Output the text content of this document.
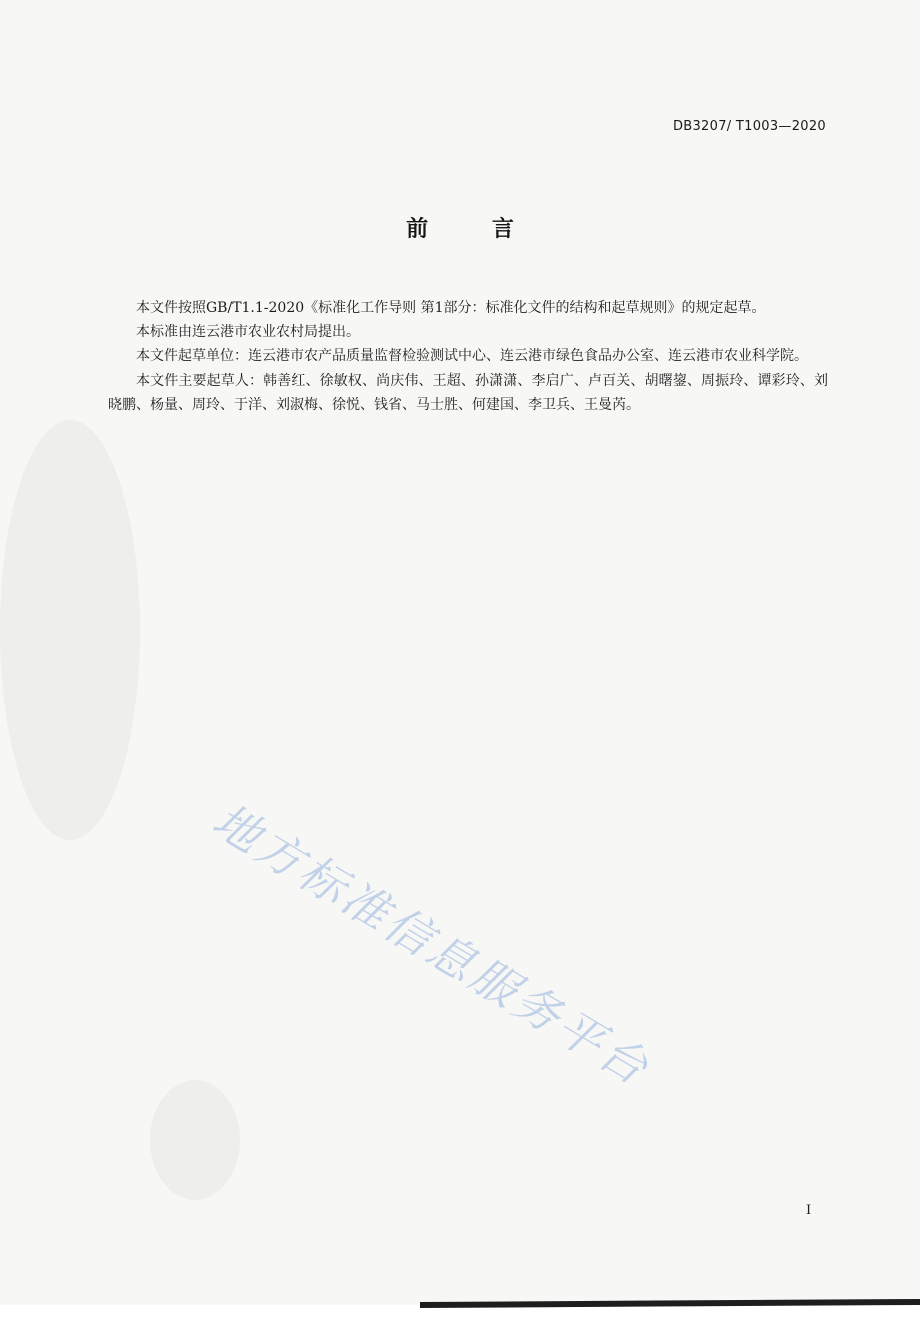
DB3207/ T1003—2020
前 言

本文件按照GB/T1.1-2020《标准化工作导则 第1部分：标准化文件的结构和起草规则》的规定起草。

本标准由连云港市农业农村局提出。

本文件起草单位：连云港市农产品质量监督检验测试中心、连云港市绿色食品办公室、连云港市农业科学院。

本文件主要起草人：韩善红、徐敏权、尚庆伟、王超、孙潇潇、李启广、卢百关、胡曙鋆、周振玲、谭彩玲、刘晓鹏、杨量、周玲、于洋、刘淑梅、徐悦、钱省、马士胜、何建国、李卫兵、王曼芮。

地方标准信息服务平台
I
